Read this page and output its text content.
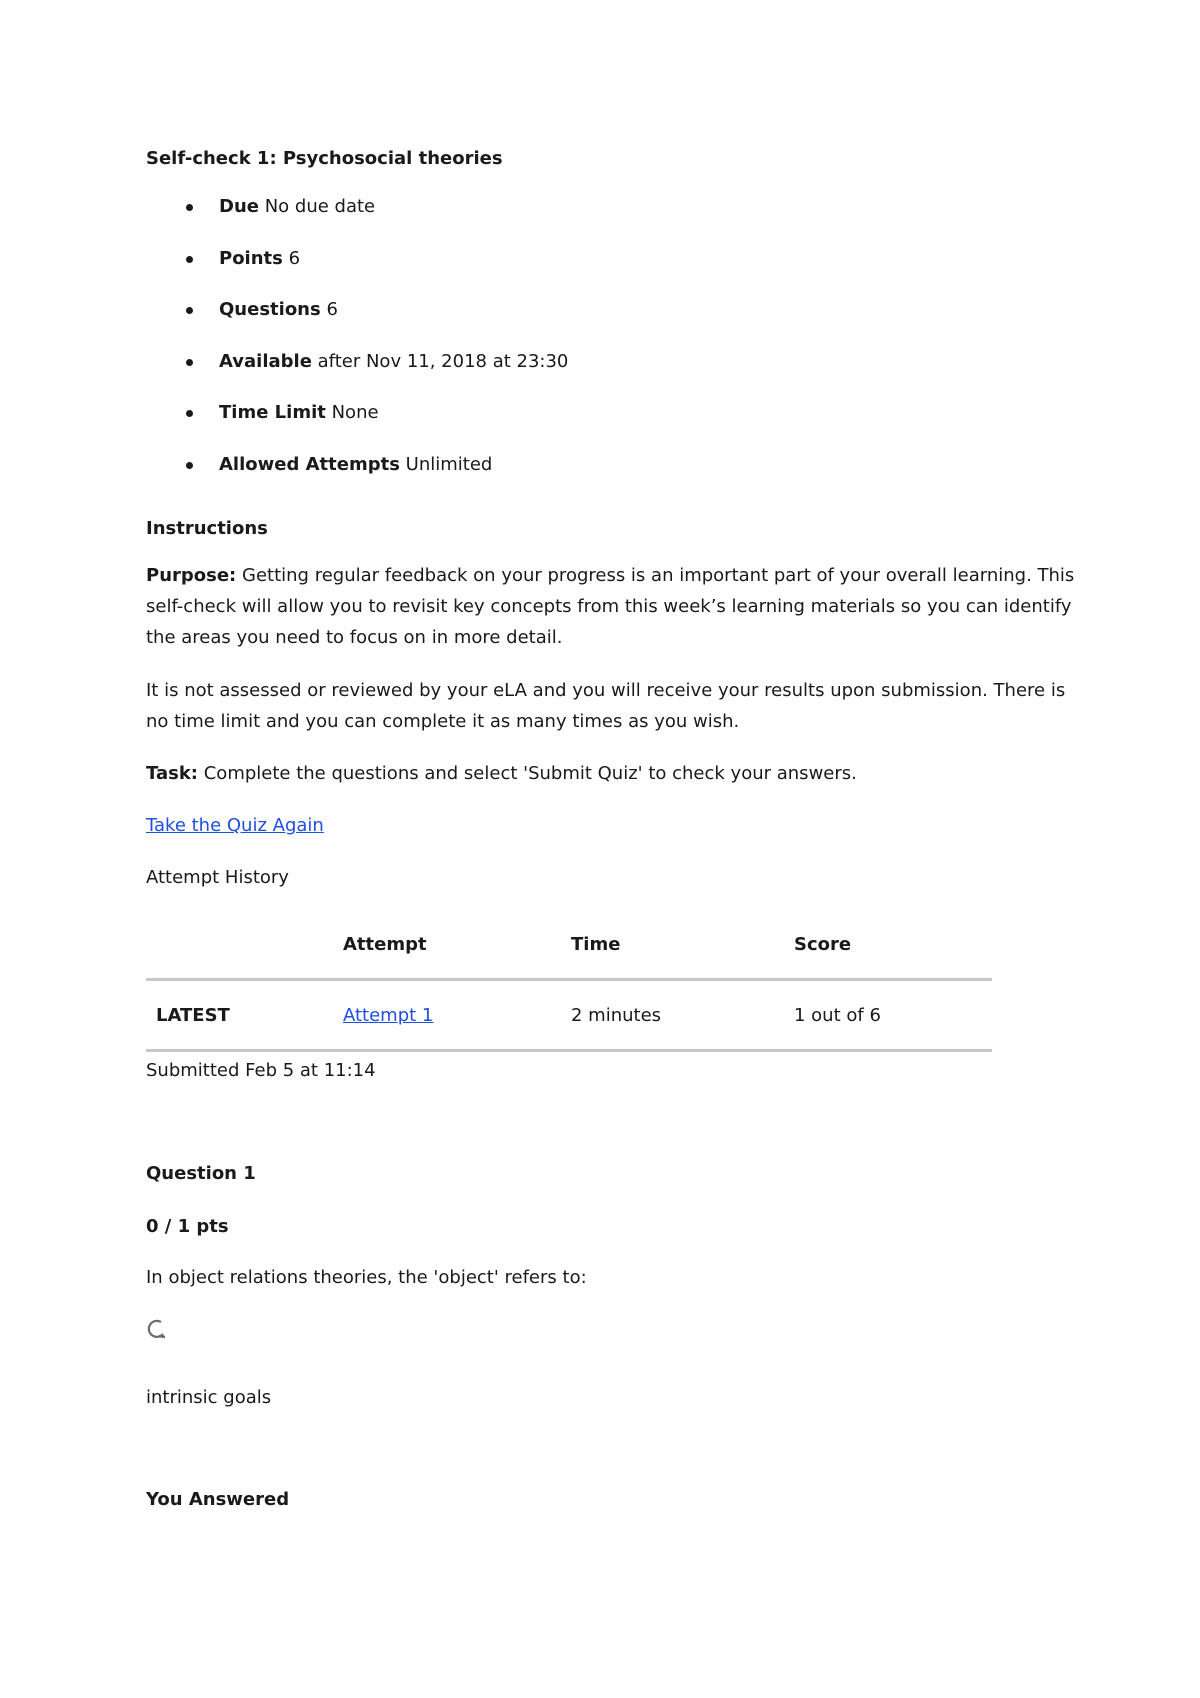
Self-check 1: Psychosocial theories
Due No due date
Points 6
Questions 6
Available after Nov 11, 2018 at 23:30
Time Limit None
Allowed Attempts Unlimited
Instructions
Purpose: Getting regular feedback on your progress is an important part of your overall learning. This self-check will allow you to revisit key concepts from this week’s learning materials so you can identify the areas you need to focus on in more detail.
It is not assessed or reviewed by your eLA and you will receive your results upon submission. There is no time limit and you can complete it as many times as you wish.
Task: Complete the questions and select 'Submit Quiz' to check your answers.
Take the Quiz Again
Attempt History
	Attempt	Time	Score
LATEST	Attempt 1	2 minutes	1 out of 6
Submitted Feb 5 at 11:14
Question 1
0 / 1 pts
In object relations theories, the 'object' refers to:
intrinsic goals
You Answered
